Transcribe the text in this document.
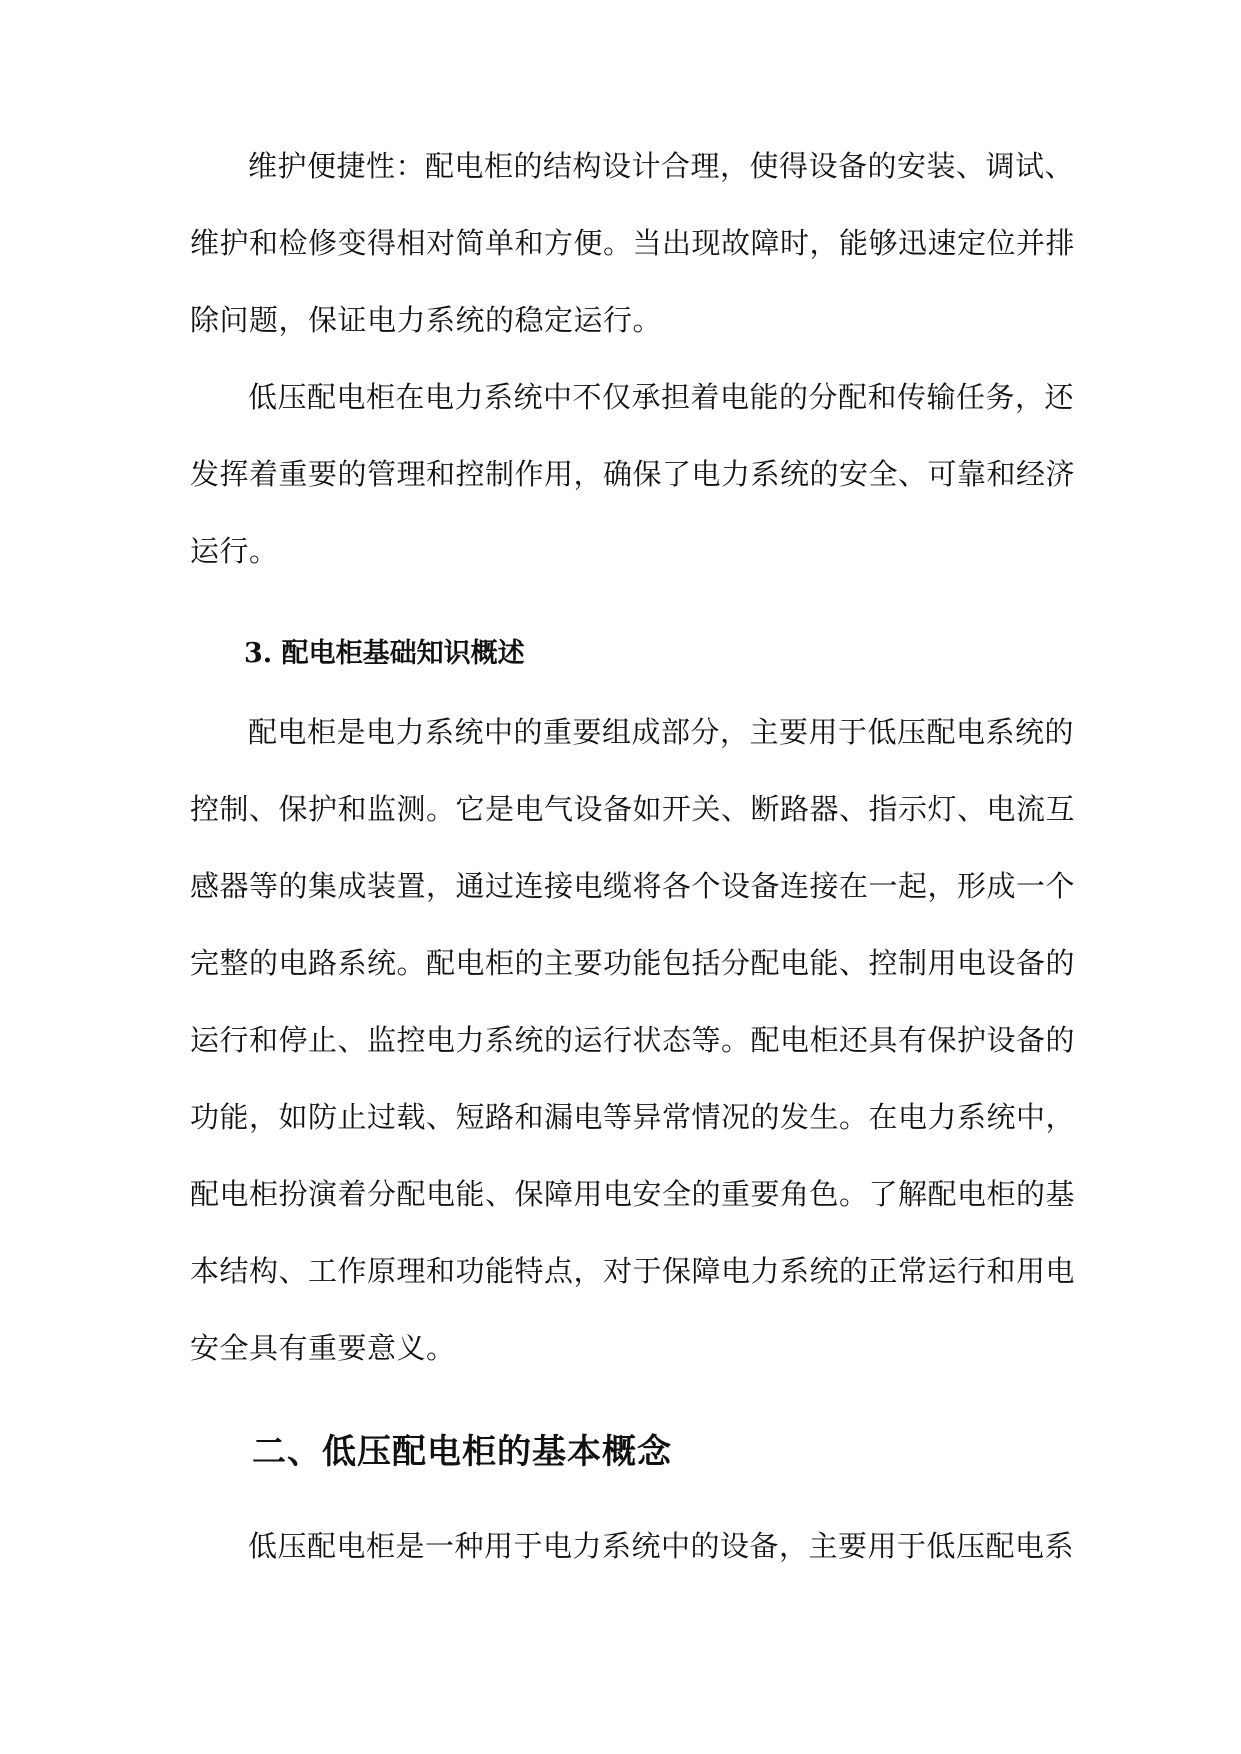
维护便捷性：配电柜的结构设计合理，使得设备的安装、调试、
维护和检修变得相对简单和方便。当出现故障时，能够迅速定位并排
除问题，保证电力系统的稳定运行。
低压配电柜在电力系统中不仅承担着电能的分配和传输任务，还
发挥着重要的管理和控制作用，确保了电力系统的安全、可靠和经济
运行。
3. 配电柜基础知识概述
配电柜是电力系统中的重要组成部分，主要用于低压配电系统的
控制、保护和监测。它是电气设备如开关、断路器、指示灯、电流互
感器等的集成装置，通过连接电缆将各个设备连接在一起，形成一个
完整的电路系统。配电柜的主要功能包括分配电能、控制用电设备的
运行和停止、监控电力系统的运行状态等。配电柜还具有保护设备的
功能，如防止过载、短路和漏电等异常情况的发生。在电力系统中，
配电柜扮演着分配电能、保障用电安全的重要角色。了解配电柜的基
本结构、工作原理和功能特点，对于保障电力系统的正常运行和用电
安全具有重要意义。
二、低压配电柜的基本概念
低压配电柜是一种用于电力系统中的设备，主要用于低压配电系
